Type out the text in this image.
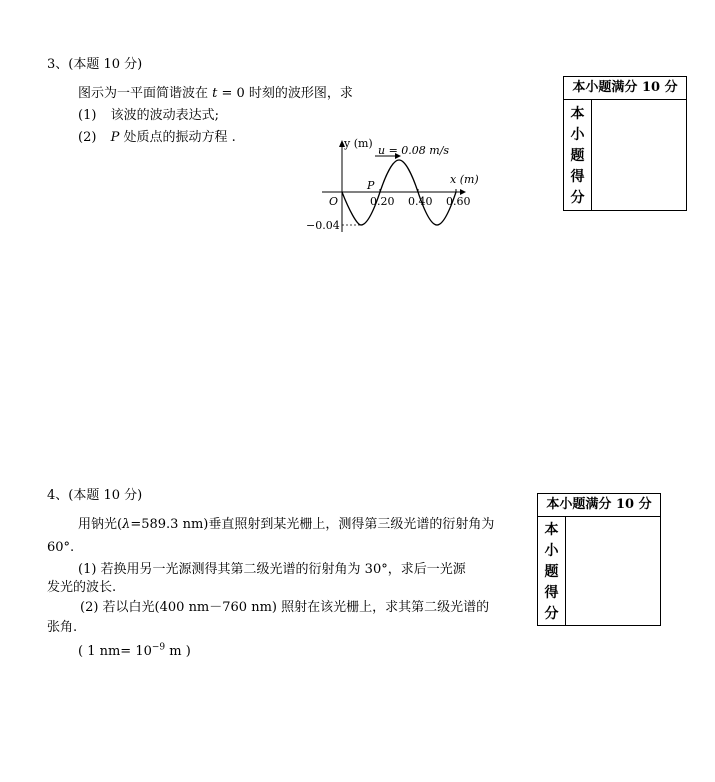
3、(本题 10 分)
图示为一平面简谐波在 t = 0 时刻的波形图，求
(1) 该波的波动表达式;
(2) P 处质点的振动方程 .	y (m)
u = 0.08 m/s
x (m)
O
P
0.20 0.40 0.60
−0.04
本小题满分 10 分
本
小
题
得
分
4、(本题 10 分)
用钠光(λ=589.3 nm)垂直照射到某光栅上，测得第三级光谱的衍射角为
60°.
(1) 若换用另一光源测得其第二级光谱的衍射角为 30°，求后一光源
发光的波长.
(2) 若以白光(400 nm－760 nm) 照射在该光栅上，求其第二级光谱的
张角.
( 1 $nm= 10^{-9}$ m )
本小题满分 10 分
本
小
题
得
分
